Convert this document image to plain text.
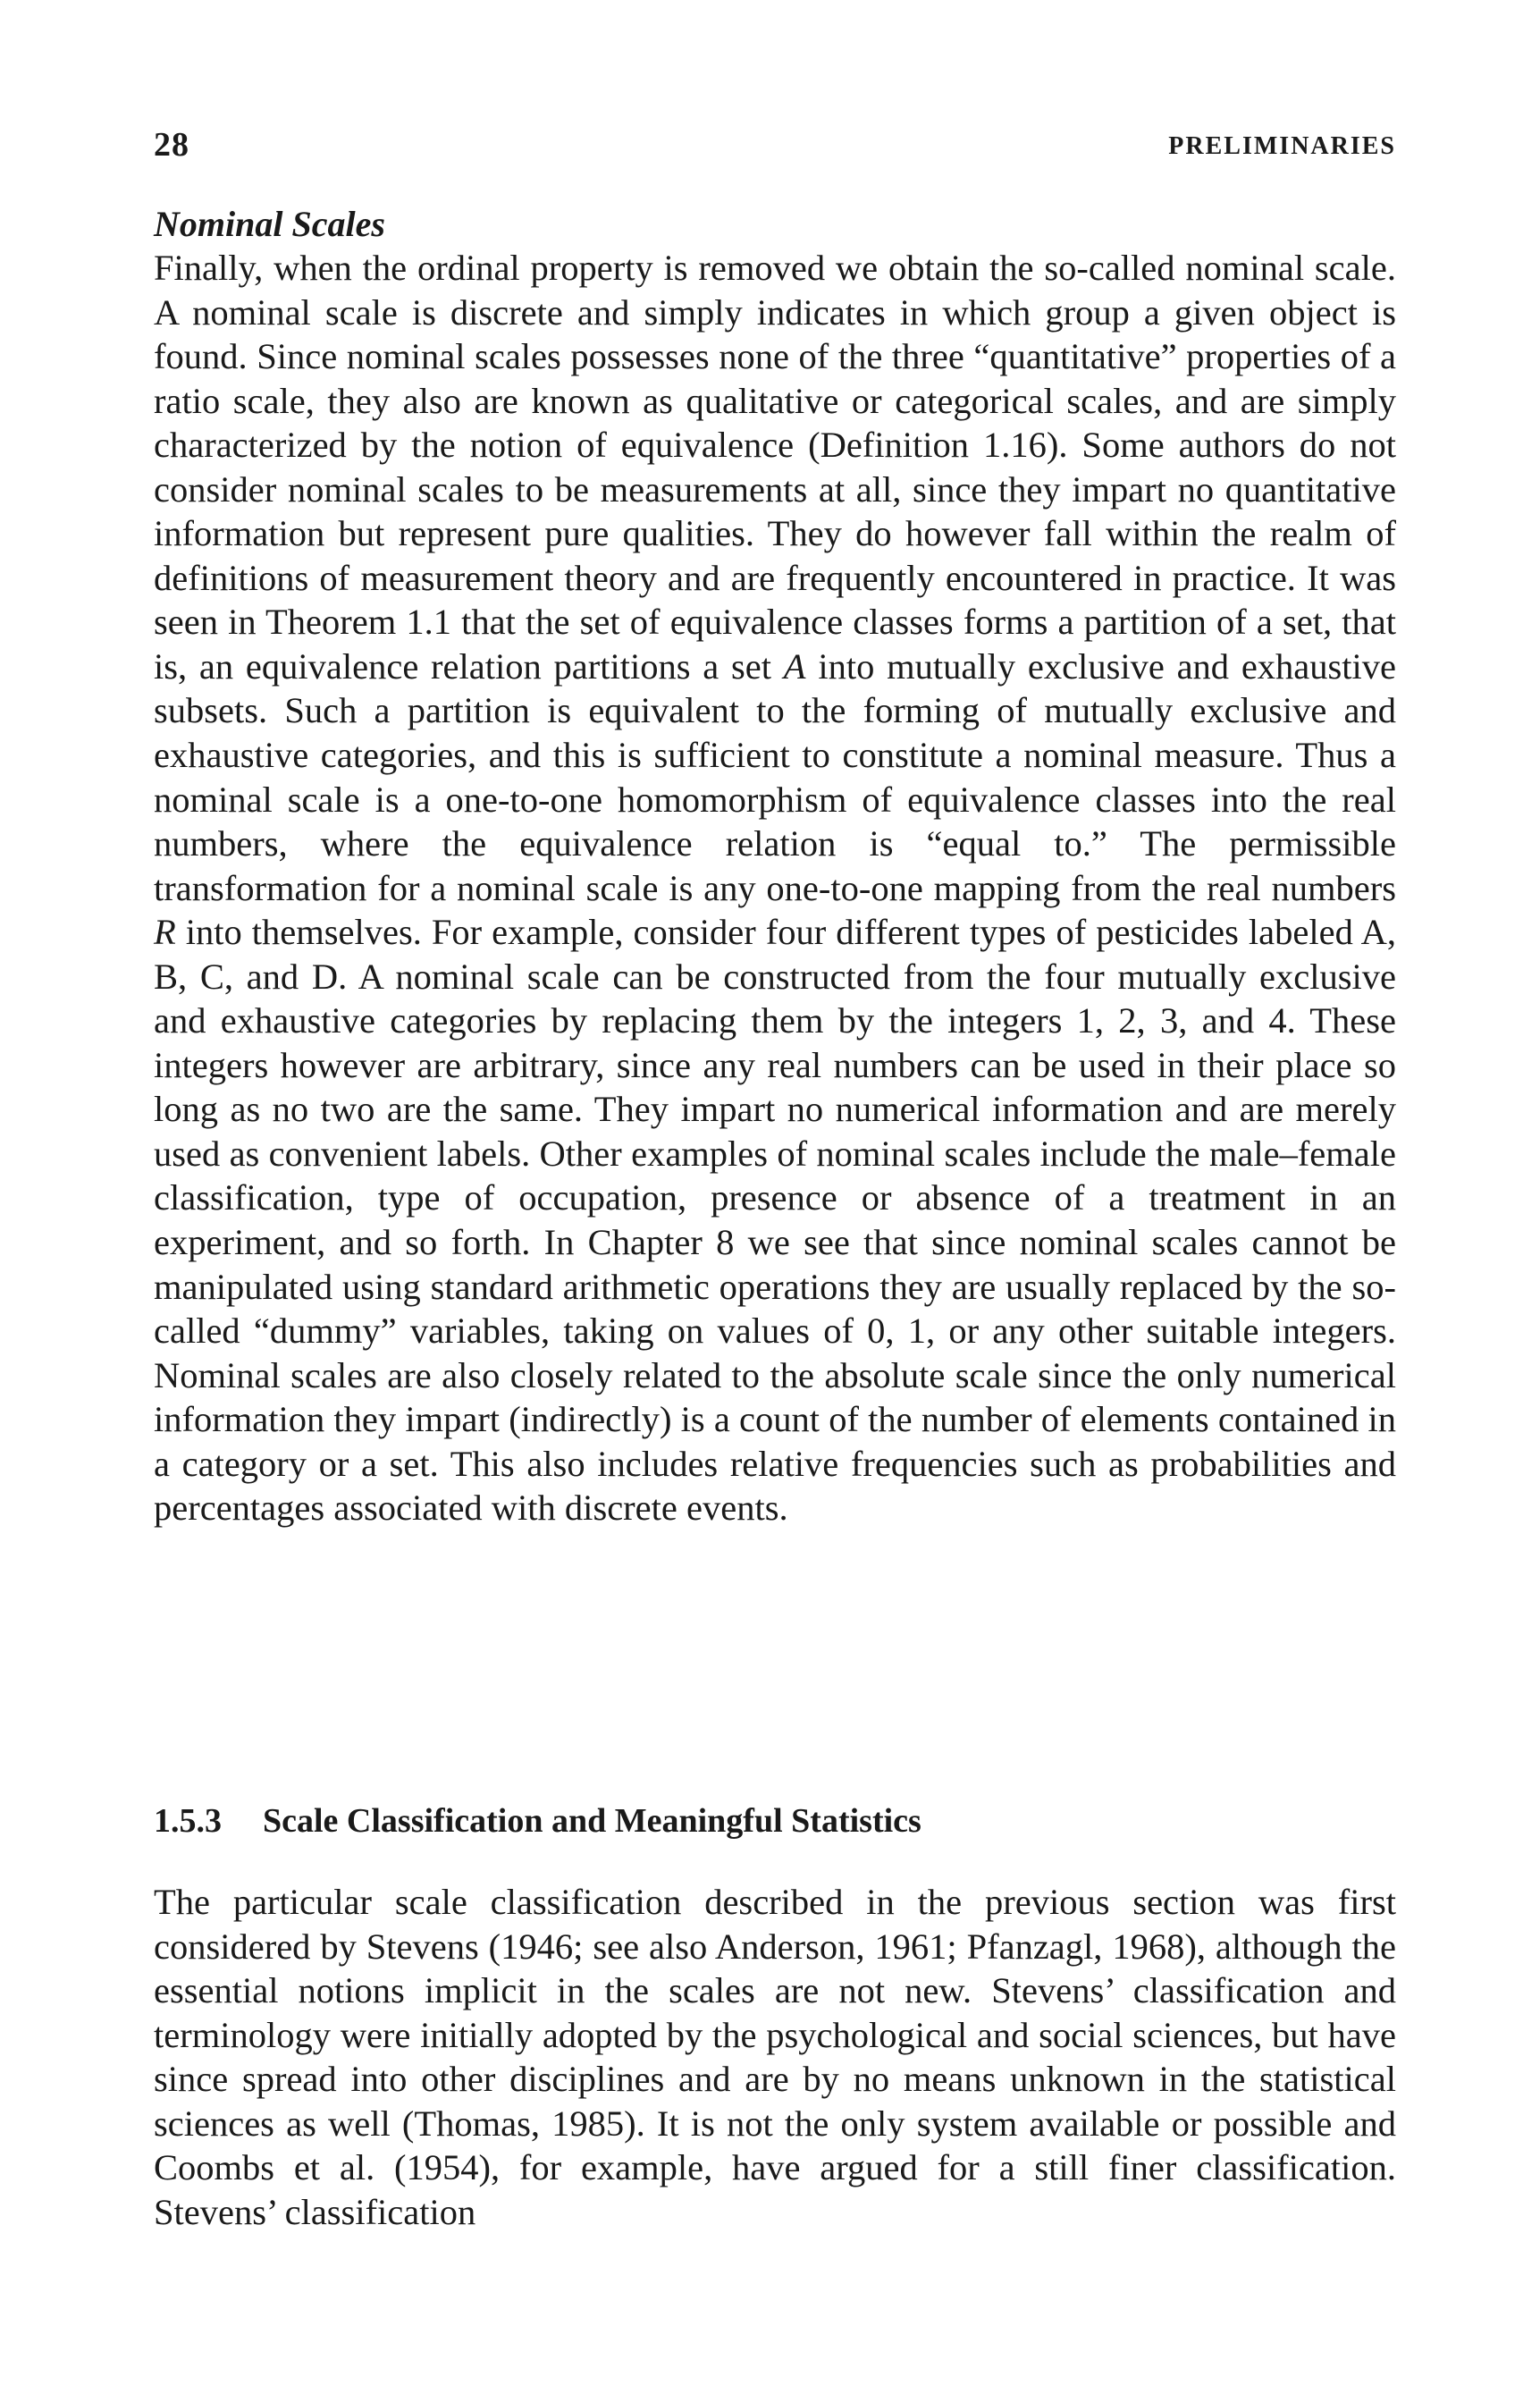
28	PRELIMINARIES

Nominal Scales

Finally, when the ordinal property is removed we obtain the so-called nominal scale. A nominal scale is discrete and simply indicates in which group a given object is found. Since nominal scales possesses none of the three “quantitative” properties of a ratio scale, they also are known as qualitative or categorical scales, and are simply characterized by the notion of equivalence (Definition 1.16). Some authors do not consider nominal scales to be measurements at all, since they impart no quantitative information but represent pure qualities. They do however fall within the realm of definitions of measurement theory and are frequently encountered in practice. It was seen in Theorem 1.1 that the set of equivalence classes forms a partition of a set, that is, an equivalence relation partitions a set A into mutually exclusive and exhaustive subsets. Such a partition is equivalent to the forming of mutually exclusive and exhaustive categories, and this is sufficient to constitute a nominal measure. Thus a nominal scale is a one-to-one homomorphism of equivalence classes into the real numbers, where the equivalence relation is “equal to.” The permissible transformation for a nominal scale is any one-to-one mapping from the real numbers R into themselves. For example, consider four different types of pesticides labeled A, B, C, and D. A nominal scale can be constructed from the four mutually exclusive and exhaustive categories by replacing them by the integers 1, 2, 3, and 4. These integers however are arbitrary, since any real numbers can be used in their place so long as no two are the same. They impart no numerical information and are merely used as convenient labels. Other examples of nominal scales include the male–female classification, type of occupation, presence or absence of a treatment in an experiment, and so forth. In Chapter 8 we see that since nominal scales cannot be manipulated using standard arithmetic operations they are usually replaced by the so-called “dummy” variables, taking on values of 0, 1, or any other suitable integers. Nominal scales are also closely related to the absolute scale since the only numerical information they impart (indirectly) is a count of the number of elements contained in a category or a set. This also includes relative frequencies such as probabilities and percentages associated with discrete events.

1.5.3 Scale Classification and Meaningful Statistics

The particular scale classification described in the previous section was first considered by Stevens (1946; see also Anderson, 1961; Pfanzagl, 1968), although the essential notions implicit in the scales are not new. Stevens’ classification and terminology were initially adopted by the psychological and social sciences, but have since spread into other disciplines and are by no means unknown in the statistical sciences as well (Thomas, 1985). It is not the only system available or possible and Coombs et al. (1954), for example, have argued for a still finer classification. Stevens’ classification
